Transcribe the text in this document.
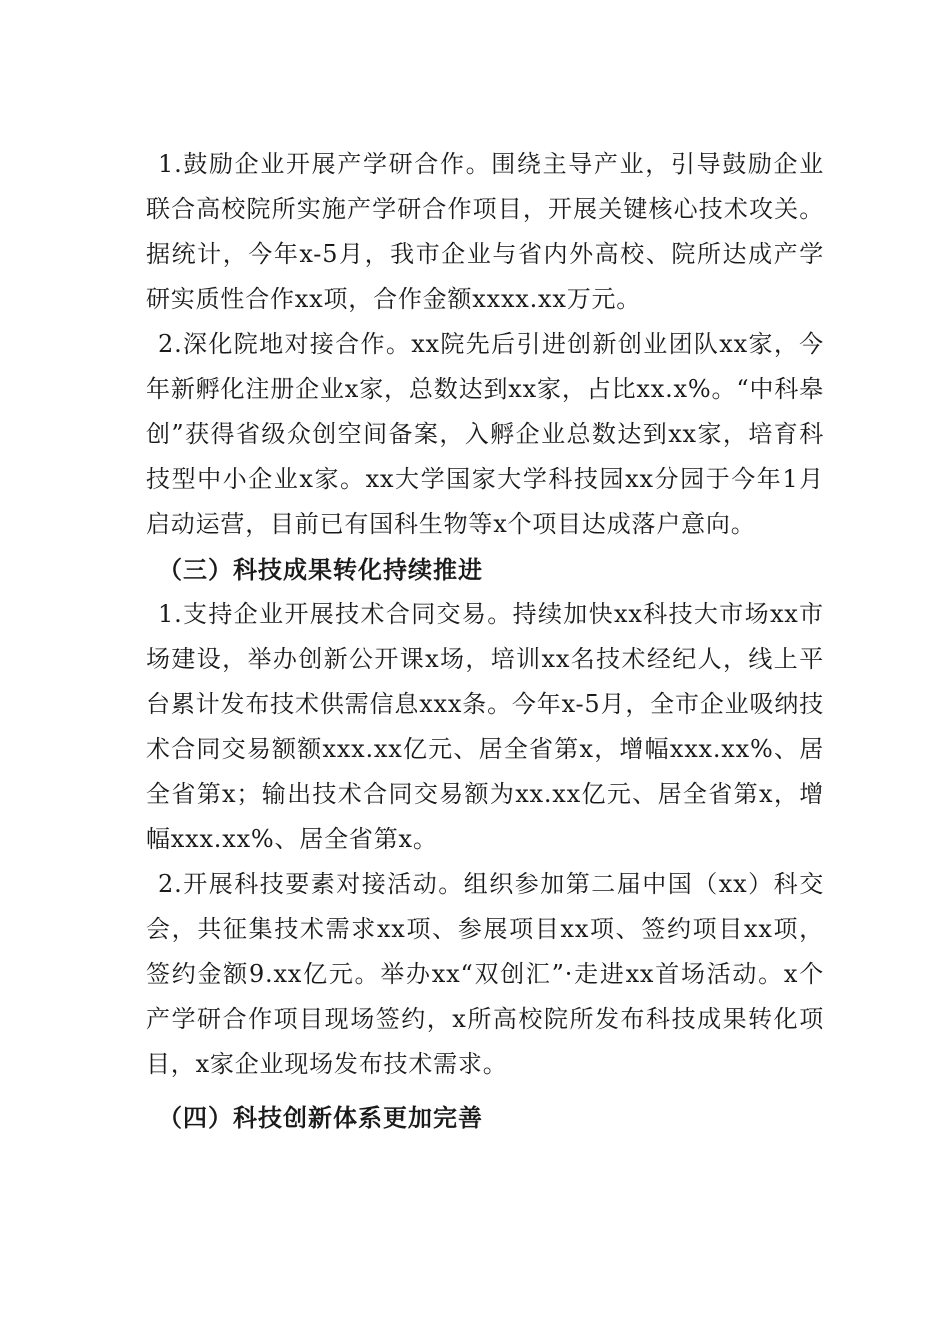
1.鼓励企业开展产学研合作。围绕主导产业，引导鼓励企业联合高校院所实施产学研合作项目，开展关键核心技术攻关。据统计，今年x-5月，我市企业与省内外高校、院所达成产学研实质性合作xx项，合作金额xxxx.xx万元。

2.深化院地对接合作。xx院先后引进创新创业团队xx家，今年新孵化注册企业x家，总数达到xx家，占比xx.x%。“中科皋创”获得省级众创空间备案，入孵企业总数达到xx家，培育科技型中小企业x家。xx大学国家大学科技园xx分园于今年1月启动运营，目前已有国科生物等x个项目达成落户意向。

（三）科技成果转化持续推进

1.支持企业开展技术合同交易。持续加快xx科技大市场xx市场建设，举办创新公开课x场，培训xx名技术经纪人，线上平台累计发布技术供需信息xxx条。今年x-5月，全市企业吸纳技术合同交易额额xxx.xx亿元、居全省第x，增幅xxx.xx%、居全省第x；输出技术合同交易额为xx.xx亿元、居全省第x，增幅xxx.xx%、居全省第x。

2.开展科技要素对接活动。组织参加第二届中国（xx）科交会，共征集技术需求xx项、参展项目xx项、签约项目xx项，签约金额9.xx亿元。举办xx“双创汇”·走进xx首场活动。x个产学研合作项目现场签约，x所高校院所发布科技成果转化项目，x家企业现场发布技术需求。

（四）科技创新体系更加完善
